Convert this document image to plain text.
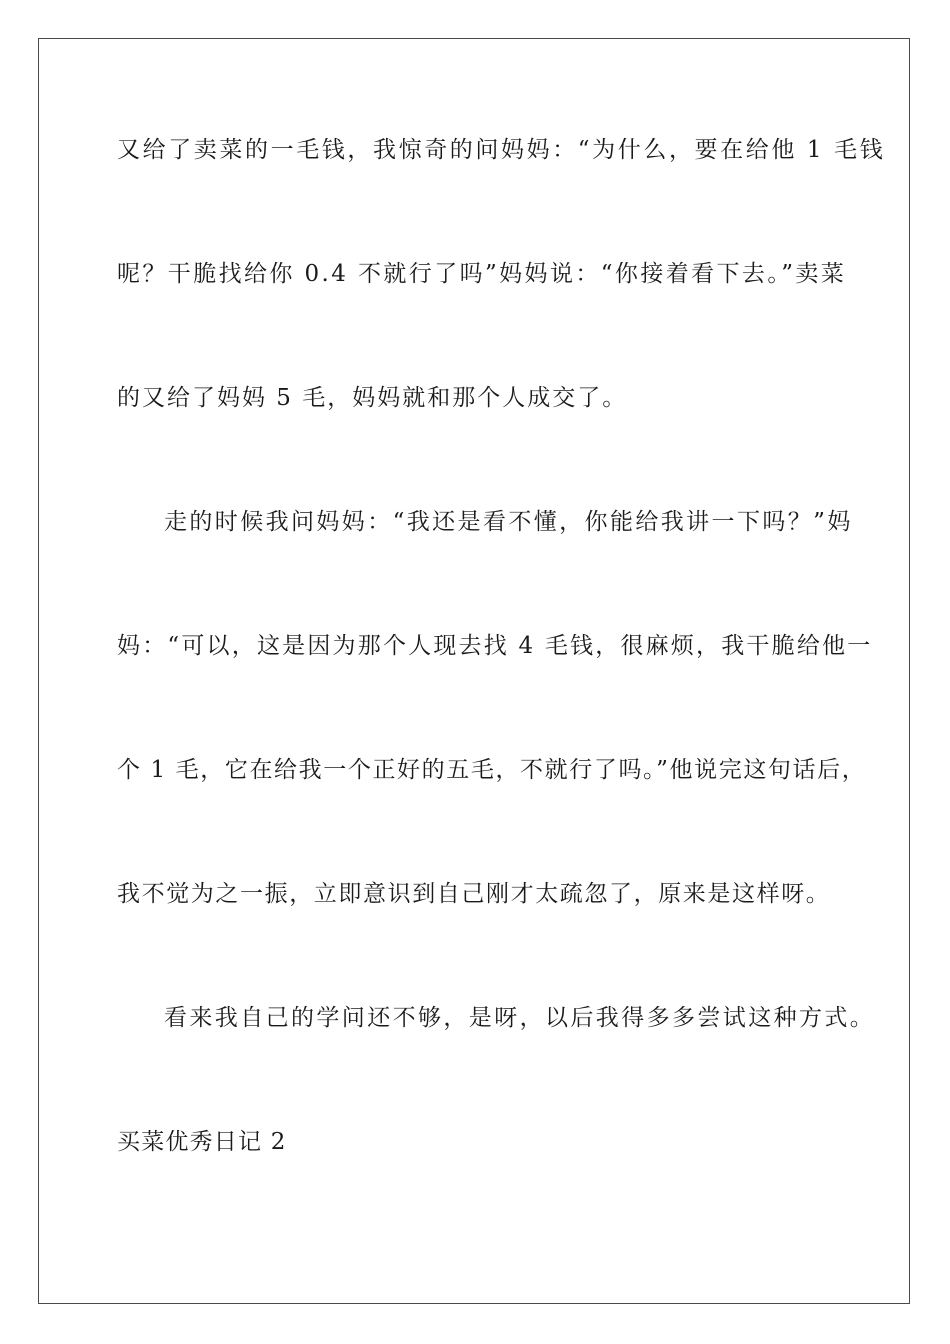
又给了卖菜的一毛钱，我惊奇的问妈妈：“为什么，要在给他 1 毛钱

呢？干脆找给你 0.4 不就行了吗”妈妈说：“你接着看下去。”卖菜

的又给了妈妈 5 毛，妈妈就和那个人成交了。

走的时候我问妈妈：“我还是看不懂，你能给我讲一下吗？”妈

妈：“可以，这是因为那个人现去找 4 毛钱，很麻烦，我干脆给他一

个 1 毛，它在给我一个正好的五毛，不就行了吗。”他说完这句话后，

我不觉为之一振，立即意识到自己刚才太疏忽了，原来是这样呀。

看来我自己的学问还不够，是呀，以后我得多多尝试这种方式。

买菜优秀日记 2
